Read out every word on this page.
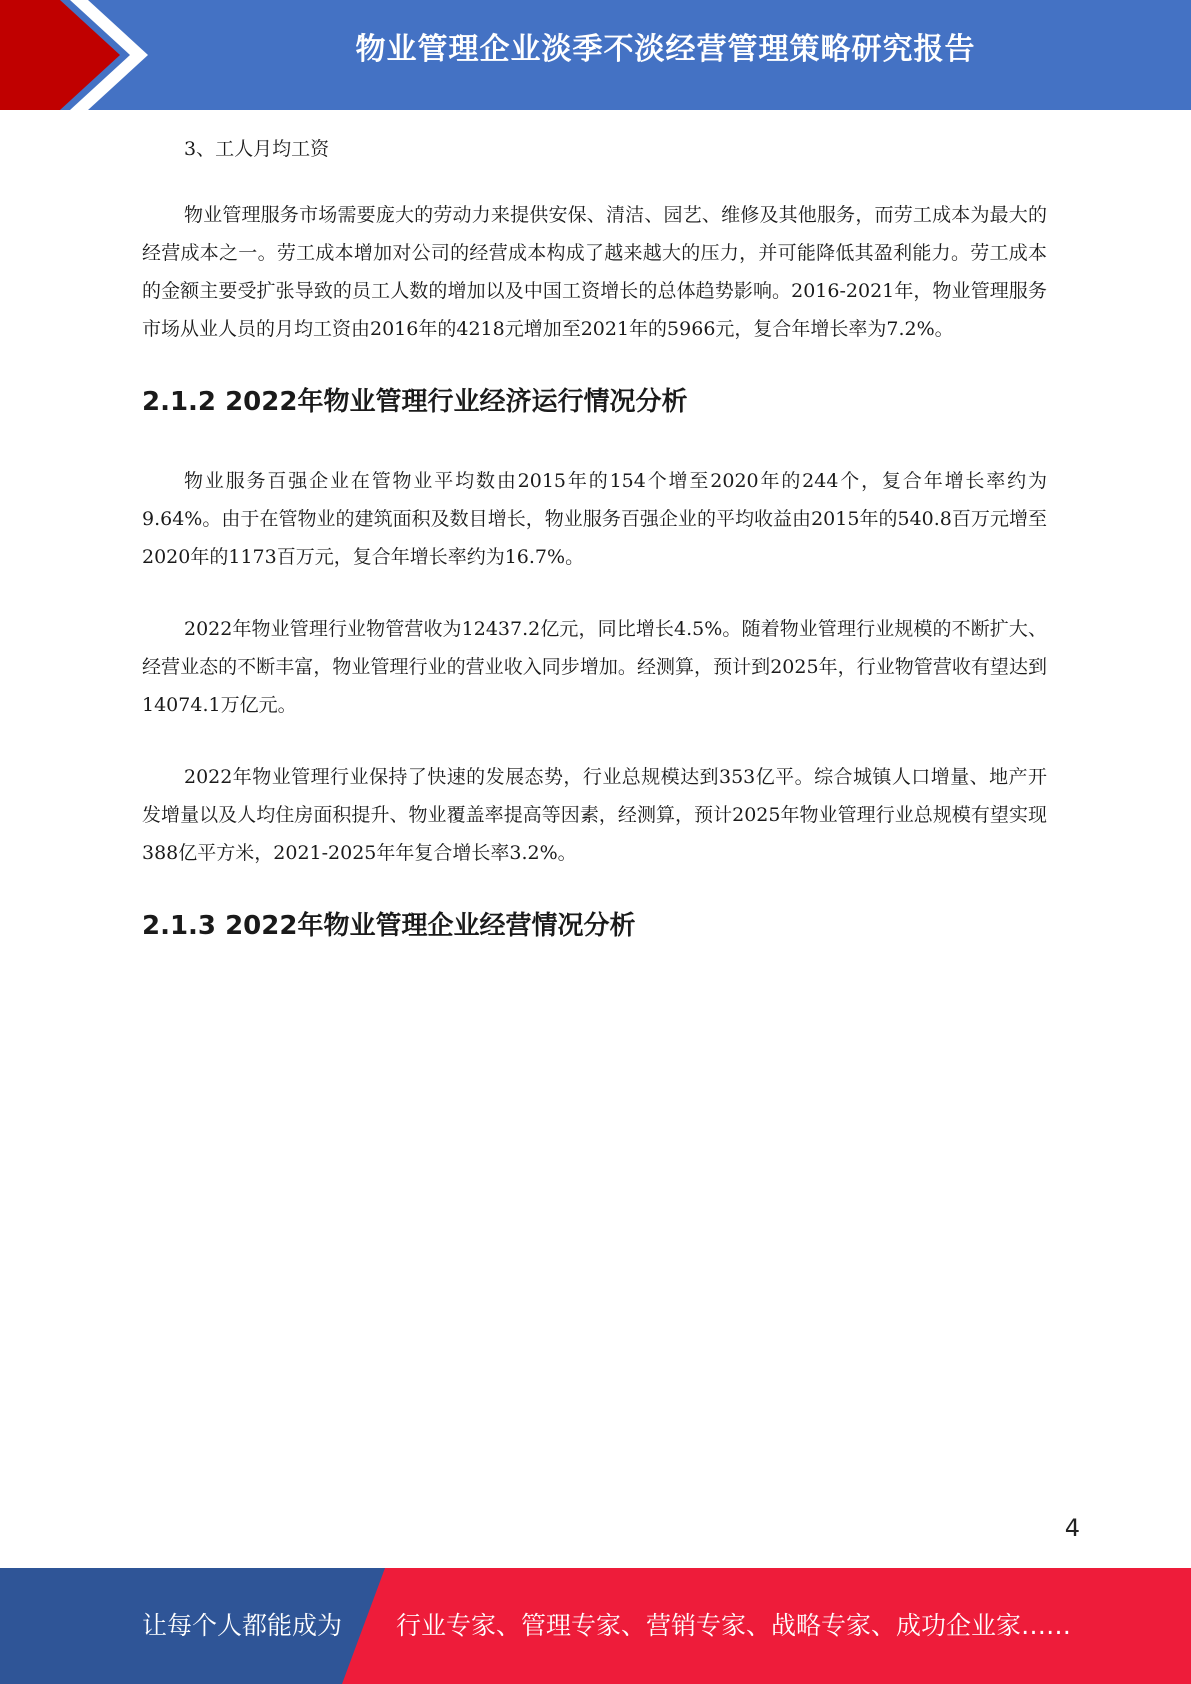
物业管理企业淡季不淡经营管理策略研究报告

3、工人月均工资

物业管理服务市场需要庞大的劳动力来提供安保、清洁、园艺、维修及其他服务，而劳工成本为最大的经营成本之一。劳工成本增加对公司的经营成本构成了越来越大的压力，并可能降低其盈利能力。劳工成本的金额主要受扩张导致的员工人数的增加以及中国工资增长的总体趋势影响。2016-2021年，物业管理服务市场从业人员的月均工资由2016年的4218元增加至2021年的5966元，复合年增长率为7.2%。

2.1.2 2022年物业管理行业经济运行情况分析

物业服务百强企业在管物业平均数由2015年的154个增至2020年的244个，复合年增长率约为9.64%。由于在管物业的建筑面积及数目增长，物业服务百强企业的平均收益由2015年的540.8百万元增至2020年的1173百万元，复合年增长率约为16.7%。

2022年物业管理行业物管营收为12437.2亿元，同比增长4.5%。随着物业管理行业规模的不断扩大、经营业态的不断丰富，物业管理行业的营业收入同步增加。经测算，预计到2025年，行业物管营收有望达到14074.1万亿元。

2022年物业管理行业保持了快速的发展态势，行业总规模达到353亿平。综合城镇人口增量、地产开发增量以及人均住房面积提升、物业覆盖率提高等因素，经测算，预计2025年物业管理行业总规模有望实现388亿平方米，2021-2025年年复合增长率3.2%。

2.1.3 2022年物业管理企业经营情况分析
4
让每个人都能成为 行业专家、管理专家、营销专家、战略专家、成功企业家……
